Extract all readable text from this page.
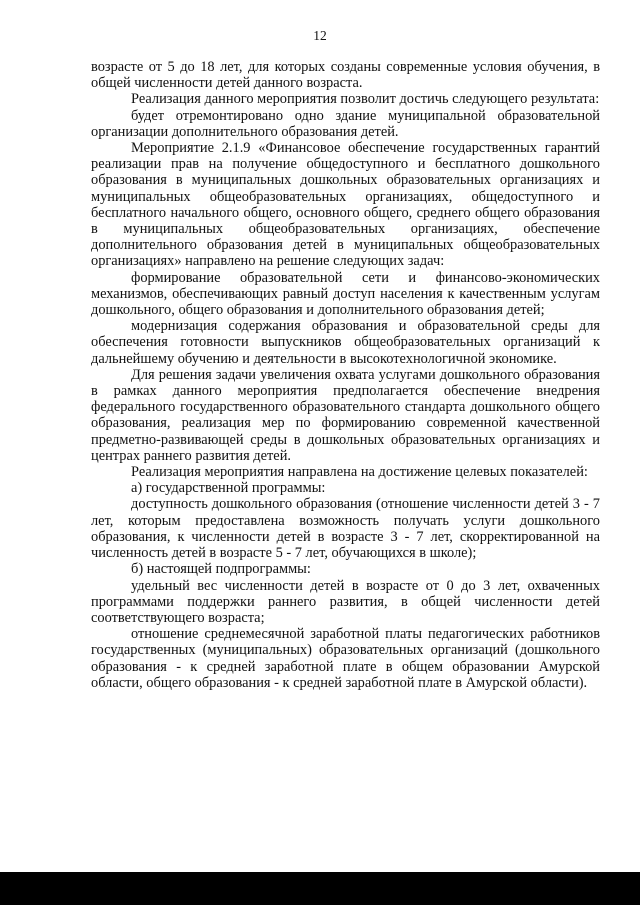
12

возрасте от 5 до 18 лет, для которых созданы современные условия обучения, в общей численности детей данного возраста.

Реализация данного мероприятия позволит достичь следующего результата:

будет отремонтировано одно здание муниципальной образовательной организации дополнительного образования детей.

Мероприятие 2.1.9 «Финансовое обеспечение государственных гарантий реализации прав на получение общедоступного и бесплатного дошкольного образования в муниципальных дошкольных образовательных организациях и муниципальных общеобразовательных организациях, общедоступного и бесплатного начального общего, основного общего, среднего общего образования в муниципальных общеобразовательных организациях, обеспечение дополнительного образования детей в муниципальных общеобразовательных организациях» направлено на решение следующих задач:

формирование образовательной сети и финансово-экономических механизмов, обеспечивающих равный доступ населения к качественным услугам дошкольного, общего образования и дополнительного образования детей;

модернизация содержания образования и образовательной среды для обеспечения готовности выпускников общеобразовательных организаций к дальнейшему обучению и деятельности в высокотехнологичной экономике.

Для решения задачи увеличения охвата услугами дошкольного образования в рамках данного мероприятия предполагается обеспечение внедрения федерального государственного образовательного стандарта дошкольного общего образования, реализация мер по формированию современной качественной предметно-развивающей среды в дошкольных образовательных организациях и центрах раннего развития детей.

Реализация мероприятия направлена на достижение целевых показателей:

а) государственной программы:

доступность дошкольного образования (отношение численности детей 3 - 7 лет, которым предоставлена возможность получать услуги дошкольного образования, к численности детей в возрасте 3 - 7 лет, скорректированной на численность детей в возрасте 5 - 7 лет, обучающихся в школе);

б) настоящей подпрограммы:

удельный вес численности детей в возрасте от 0 до 3 лет, охваченных программами поддержки раннего развития, в общей численности детей соответствующего возраста;

отношение среднемесячной заработной платы педагогических работников государственных (муниципальных) образовательных организаций (дошкольного образования - к средней заработной плате в общем образовании Амурской области, общего образования - к средней заработной плате в Амурской области).
